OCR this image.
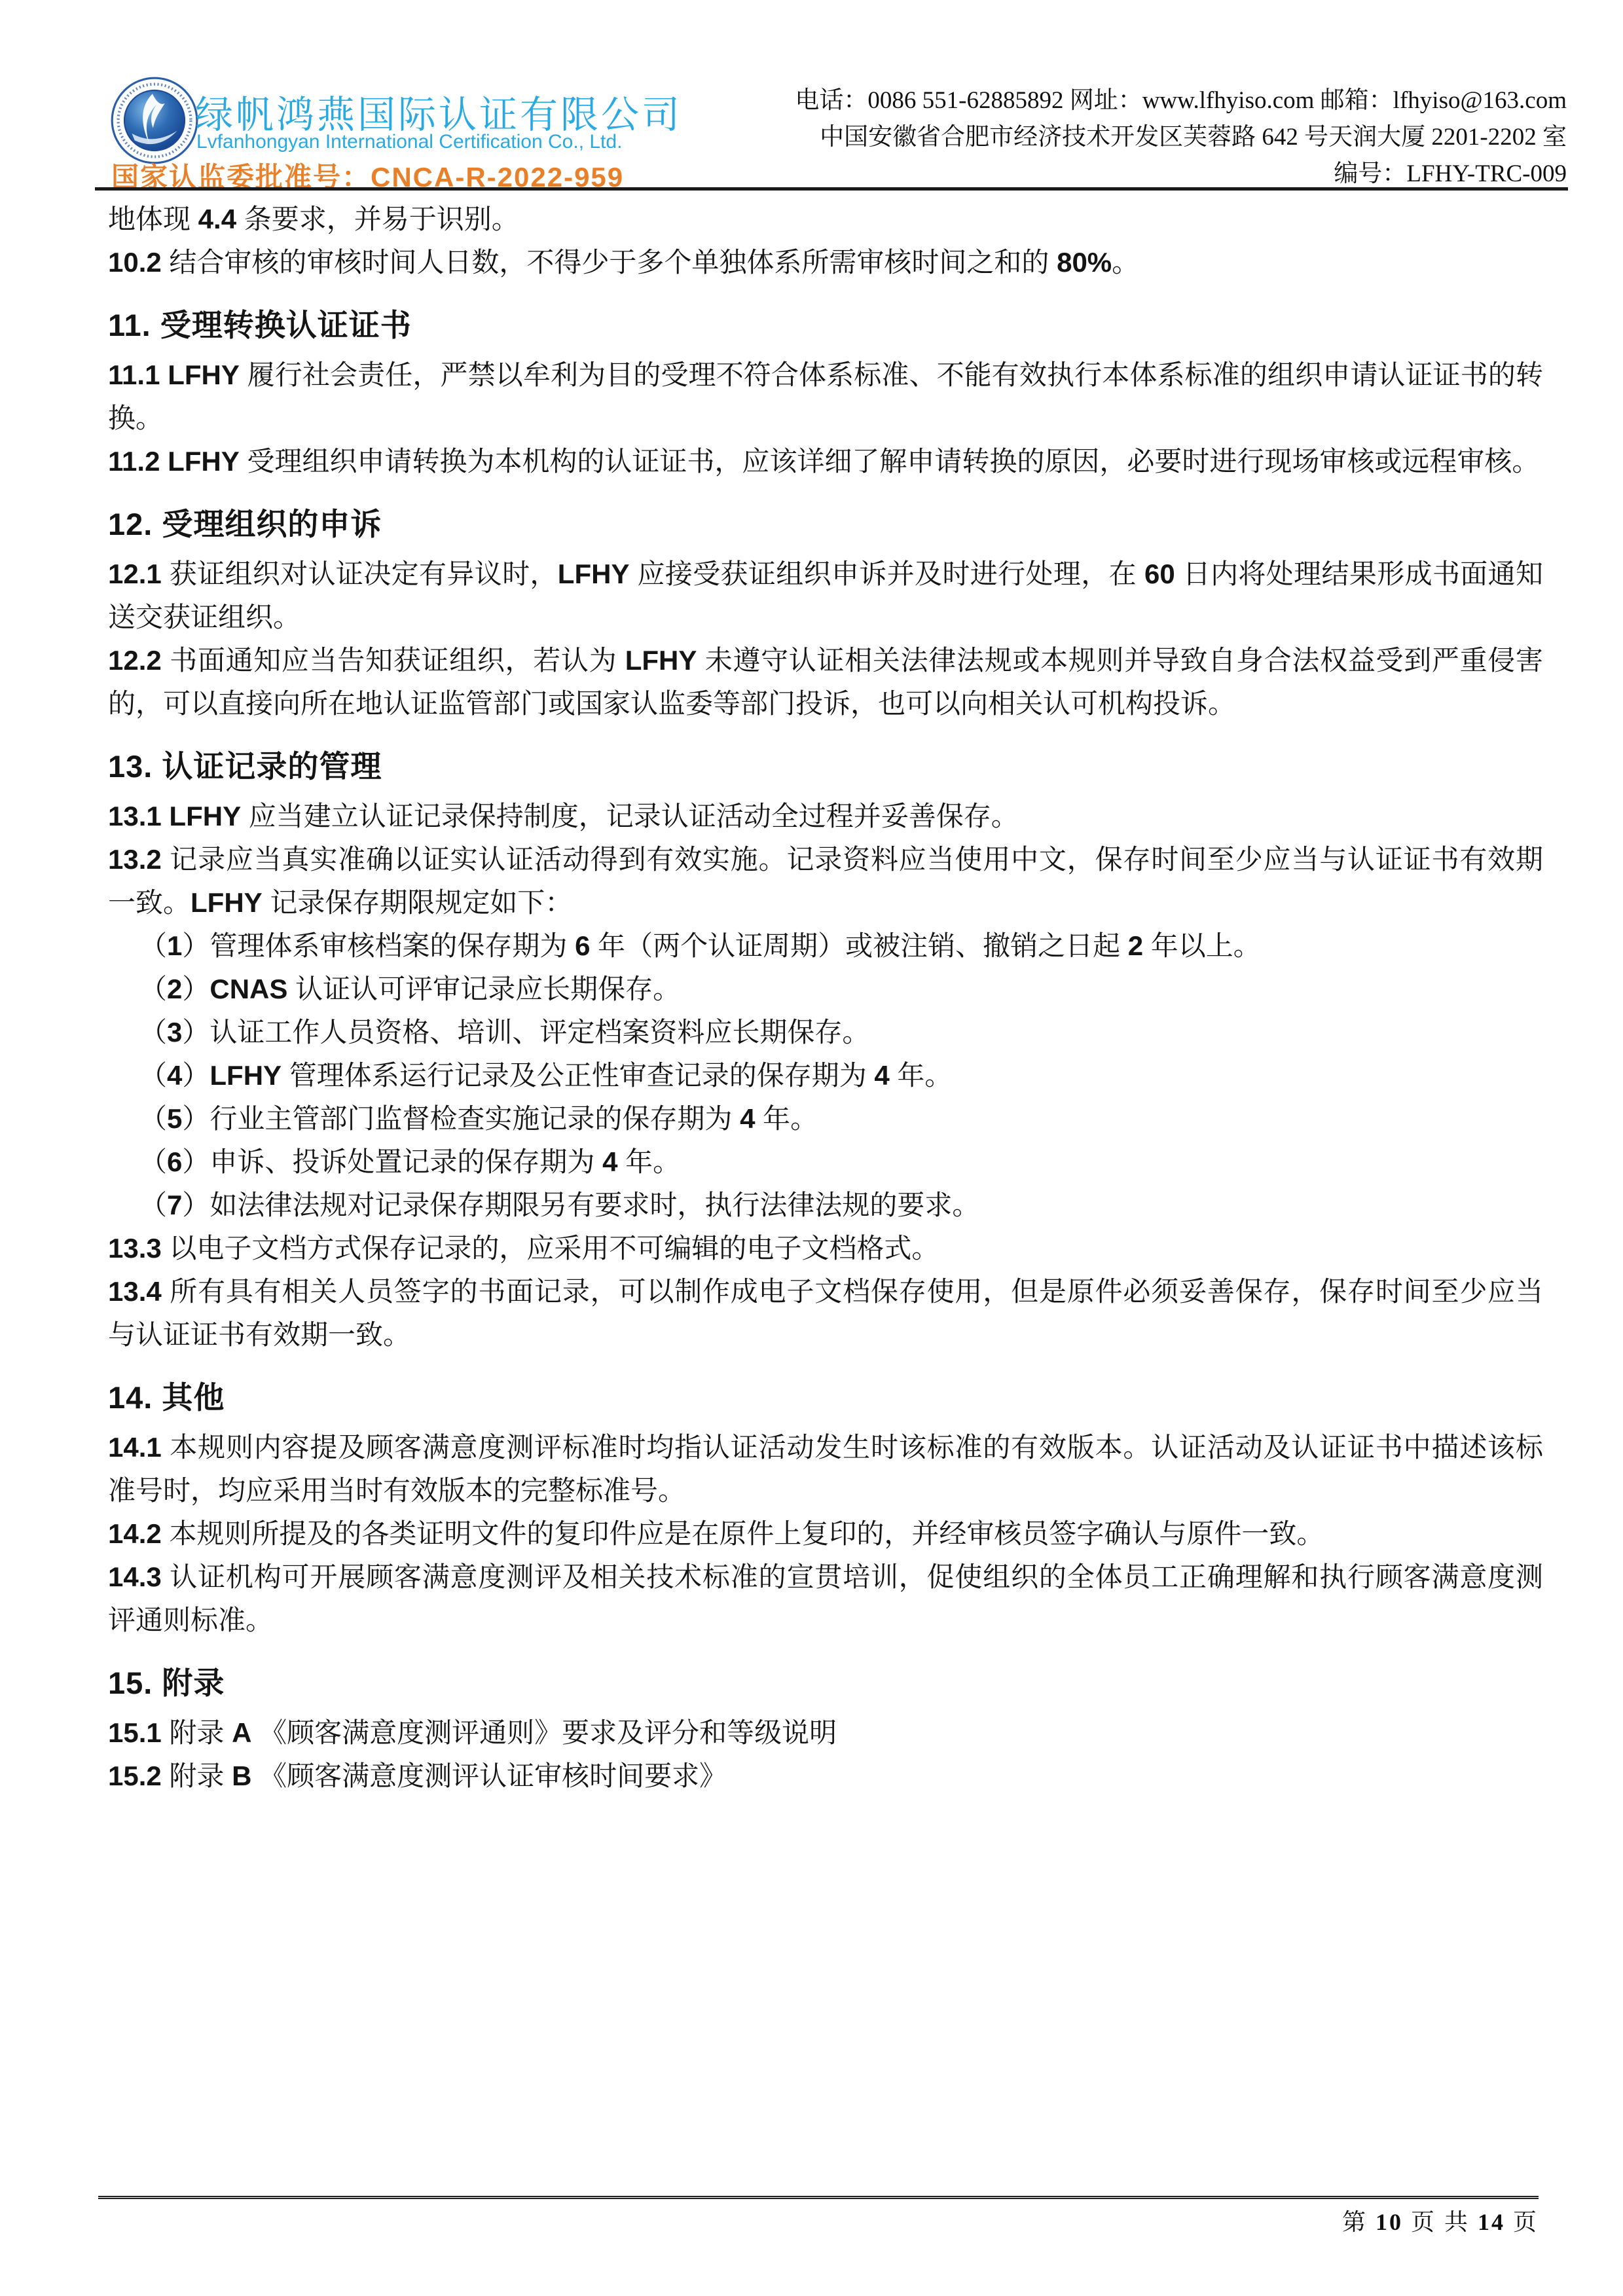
绿帆鸿燕国际认证有限公司
Lvfanhongyan International Certification Co., Ltd.
国家认监委批准号：CNCA-R-2022-959
电话：0086 551-62885892 网址：www.lfhyiso.com 邮箱：lfhyiso@163.com
中国安徽省合肥市经济技术开发区芙蓉路 642 号天润大厦 2201-2202 室
编号：LFHY-TRC-009

地体现 4.4 条要求，并易于识别。

10.2 结合审核的审核时间人日数，不得少于多个单独体系所需审核时间之和的 80%。

11. 受理转换认证证书

11.1 LFHY 履行社会责任，严禁以牟利为目的受理不符合体系标准、不能有效执行本体系标准的组织申请认证证书的转换。

11.2 LFHY 受理组织申请转换为本机构的认证证书，应该详细了解申请转换的原因，必要时进行现场审核或远程审核。

12. 受理组织的申诉

12.1 获证组织对认证决定有异议时，LFHY 应接受获证组织申诉并及时进行处理，在 60 日内将处理结果形成书面通知送交获证组织。

12.2 书面通知应当告知获证组织，若认为 LFHY 未遵守认证相关法律法规或本规则并导致自身合法权益受到严重侵害的，可以直接向所在地认证监管部门或国家认监委等部门投诉，也可以向相关认可机构投诉。

13. 认证记录的管理

13.1 LFHY 应当建立认证记录保持制度，记录认证活动全过程并妥善保存。

13.2 记录应当真实准确以证实认证活动得到有效实施。记录资料应当使用中文，保存时间至少应当与认证证书有效期一致。LFHY 记录保存期限规定如下：

（1） 管理体系审核档案的保存期为 6 年（两个认证周期）或被注销、撤销之日起 2 年以上。
（2） CNAS 认证认可评审记录应长期保存。
（3） 认证工作人员资格、培训、评定档案资料应长期保存。
（4） LFHY 管理体系运行记录及公正性审查记录的保存期为 4 年。
（5） 行业主管部门监督检查实施记录的保存期为 4 年。
（6） 申诉、投诉处置记录的保存期为 4 年。
（7） 如法律法规对记录保存期限另有要求时，执行法律法规的要求。

13.3 以电子文档方式保存记录的，应采用不可编辑的电子文档格式。

13.4 所有具有相关人员签字的书面记录，可以制作成电子文档保存使用，但是原件必须妥善保存，保存时间至少应当与认证证书有效期一致。

14. 其他

14.1 本规则内容提及顾客满意度测评标准时均指认证活动发生时该标准的有效版本。认证活动及认证证书中描述该标准号时，均应采用当时有效版本的完整标准号。

14.2 本规则所提及的各类证明文件的复印件应是在原件上复印的，并经审核员签字确认与原件一致。

14.3 认证机构可开展顾客满意度测评及相关技术标准的宣贯培训，促使组织的全体员工正确理解和执行顾客满意度测评通则标准。

15. 附录

15.1 附录 A 《顾客满意度测评通则》要求及评分和等级说明

15.2 附录 B 《顾客满意度测评认证审核时间要求》

第 10 页 共 14 页
